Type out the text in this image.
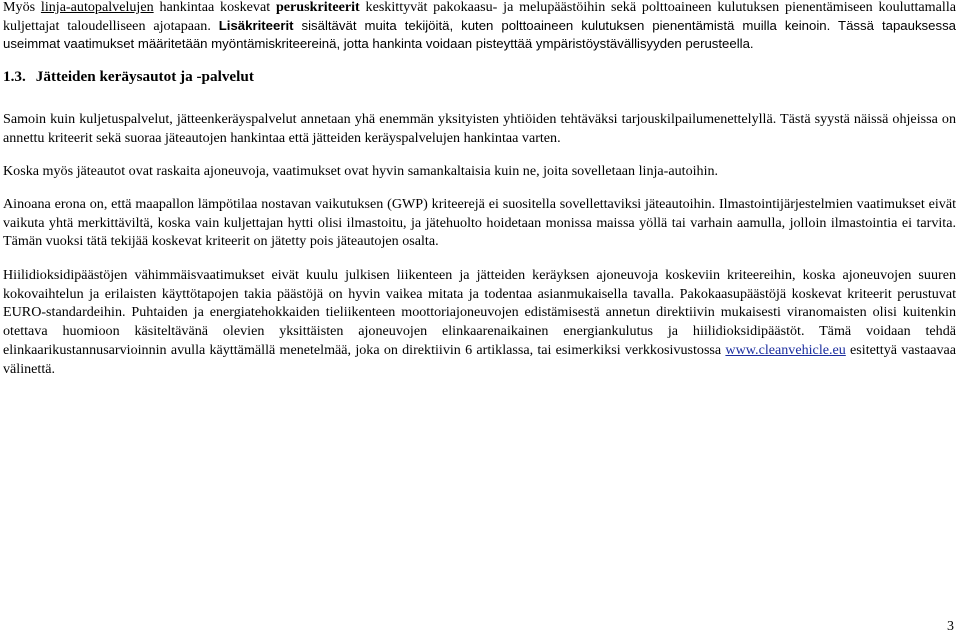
Myös linja-autopalvelujen hankintaa koskevat peruskriteerit keskittyvät pakokaasu- ja melupäästöihin sekä polttoaineen kulutuksen pienentämiseen kouluttamalla kuljettajat taloudelliseen ajotapaan. Lisäkriteerit sisältävät muita tekijöitä, kuten polttoaineen kulutuksen pienentämistä muilla keinoin. Tässä tapauksessa useimmat vaatimukset määritetään myöntämiskriteereinä, jotta hankinta voidaan pisteyttää ympäristöystävällisyyden perusteella.

1.3. Jätteiden keräysautot ja -palvelut

Samoin kuin kuljetuspalvelut, jätteenkeräyspalvelut annetaan yhä enemmän yksityisten yhtiöiden tehtäväksi tarjouskilpailumenettelyllä. Tästä syystä näissä ohjeissa on annettu kriteerit sekä suoraa jäteautojen hankintaa että jätteiden keräyspalvelujen hankintaa varten.

Koska myös jäteautot ovat raskaita ajoneuvoja, vaatimukset ovat hyvin samankaltaisia kuin ne, joita sovelletaan linja-autoihin.

Ainoana erona on, että maapallon lämpötilaa nostavan vaikutuksen (GWP) kriteerejä ei suositella sovellettaviksi jäteautoihin. Ilmastointijärjestelmien vaatimukset eivät vaikuta yhtä merkittäviltä, koska vain kuljettajan hytti olisi ilmastoitu, ja jätehuolto hoidetaan monissa maissa yöllä tai varhain aamulla, jolloin ilmastointia ei tarvita. Tämän vuoksi tätä tekijää koskevat kriteerit on jätetty pois jäteautojen osalta.

Hiilidioksidipäästöjen vähimmäisvaatimukset eivät kuulu julkisen liikenteen ja jätteiden keräyksen ajoneuvoja koskeviin kriteereihin, koska ajoneuvojen suuren kokovaihtelun ja erilaisten käyttötapojen takia päästöjä on hyvin vaikea mitata ja todentaa asianmukaisella tavalla. Pakokaasupäästöjä koskevat kriteerit perustuvat EURO-standardeihin. Puhtaiden ja energiatehokkaiden tieliikenteen moottoriajoneuvojen edistämisestä annetun direktiivin mukaisesti viranomaisten olisi kuitenkin otettava huomioon käsiteltävänä olevien yksittäisten ajoneuvojen elinkaarenaikainen energiankulutus ja hiilidioksidipäästöt. Tämä voidaan tehdä elinkaarikustannusarvioinnin avulla käyttämällä menetelmää, joka on direktiivin 6 artiklassa, tai esimerkiksi verkkosivustossa www.cleanvehicle.eu esitettyä vastaavaa välinettä.

3
